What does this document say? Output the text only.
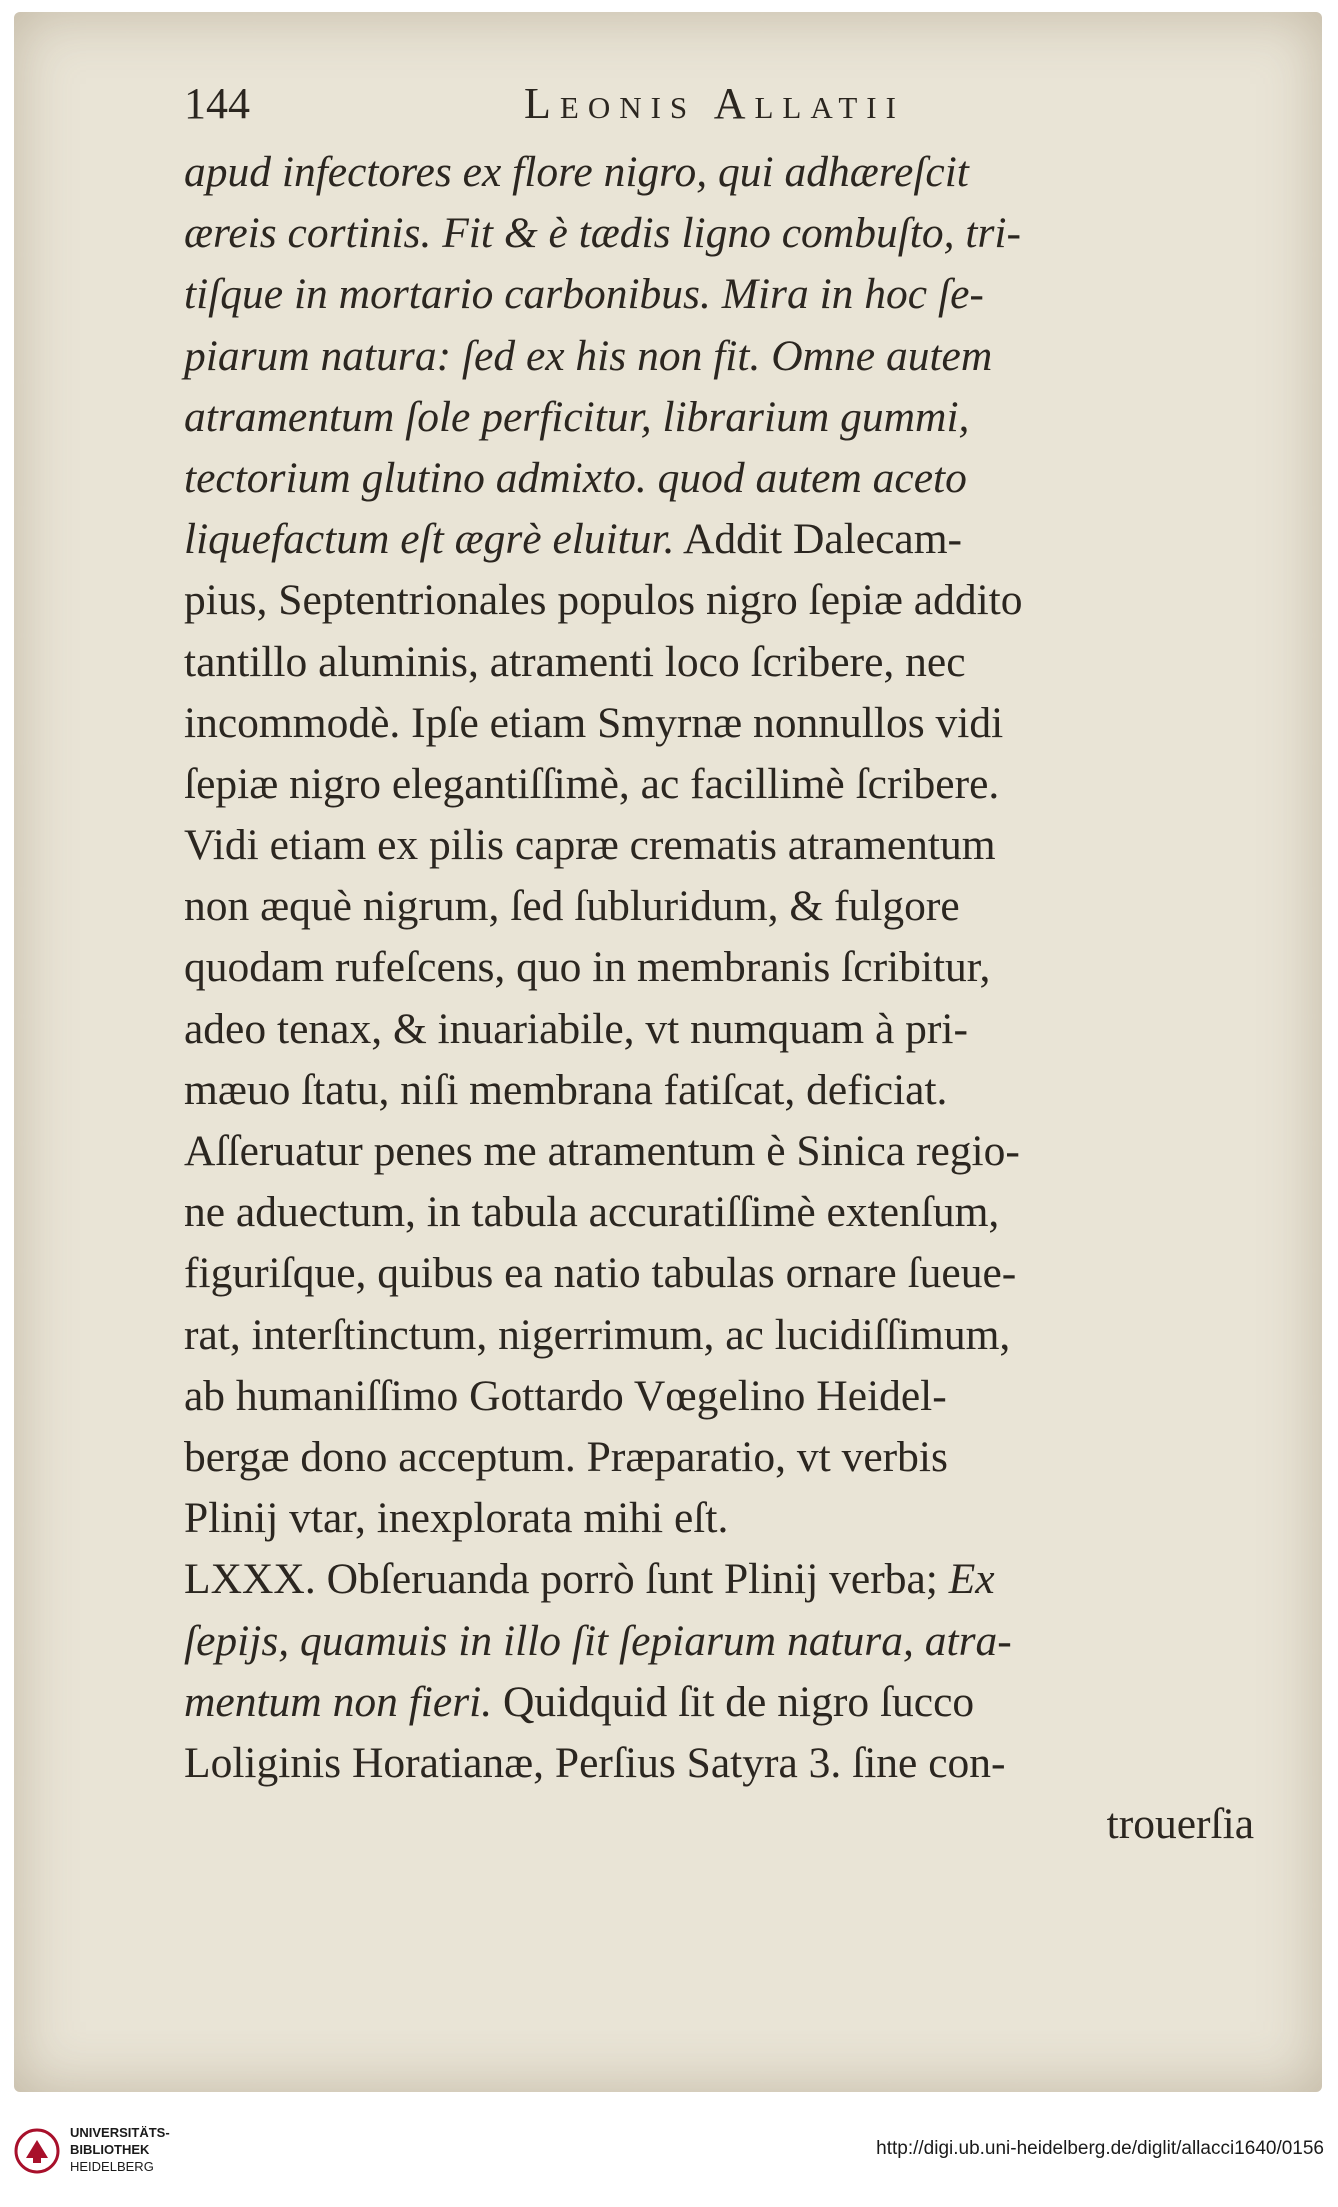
144	Leonis Allatii
apud infectores ex flore nigro, qui adhæreſcit
æreis cortinis. Fit & è tædis ligno combuſto, tri-
tiſque in mortario carbonibus. Mira in hoc ſe-
piarum natura: ſed ex his non fit. Omne autem
atramentum ſole perficitur, librarium gummi,
tectorium glutino admixto. quod autem aceto
liquefactum eſt ægrè eluitur. Addit Dalecam-
pius, Septentrionales populos nigro ſepiæ addito
tantillo aluminis, atramenti loco ſcribere, nec
incommodè. Ipſe etiam Smyrnæ nonnullos vidi
ſepiæ nigro elegantiſſimè, ac facillimè ſcribere.
Vidi etiam ex pilis capræ crematis atramentum
non æquè nigrum, ſed ſubluridum, & fulgore
quodam rufeſcens, quo in membranis ſcribitur,
adeo tenax, & inuariabile, vt numquam à pri-
mæuo ſtatu, niſi membrana fatiſcat, deficiat.
Aſſeruatur penes me atramentum è Sinica regio-
ne aduectum, in tabula accuratiſſimè extenſum,
figuriſque, quibus ea natio tabulas ornare ſueue-
rat, interſtinctum, nigerrimum, ac lucidiſſimum,
ab humaniſſimo Gottardo Vœgelino Heidel-
bergæ dono acceptum. Præparatio, vt verbis
Plinij vtar, inexplorata mihi eſt.
LXXX. Obſeruanda porrò ſunt Plinij verba; Ex
ſepijs, quamuis in illo ſit ſepiarum natura, atra-
mentum non fieri. Quidquid ſit de nigro ſucco
Loliginis Horatianæ, Perſius Satyra 3. ſine con-
trouerſia
UNIVERSITÄTS-
BIBLIOTHEK
HEIDELBERG
http://digi.ub.uni-heidelberg.de/diglit/allacci1640/0156
